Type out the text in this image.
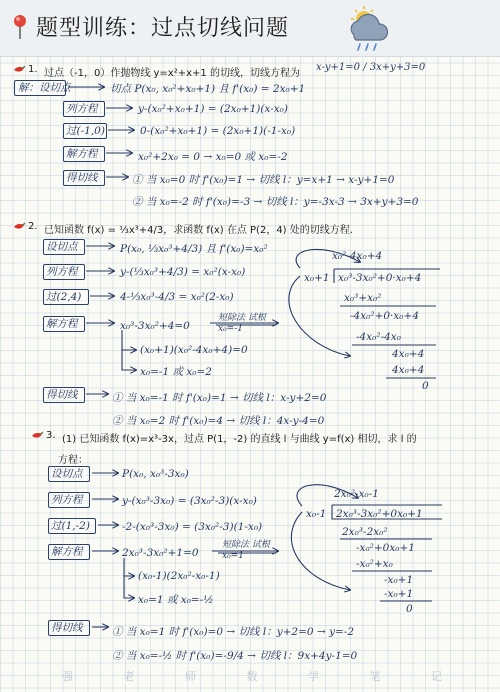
题型训练：过点切线问题
1. 过点（-1，0）作抛物线 y=x²+x+1 的切线，切线方程为
x-y+1=0 / 3x+y+3=0
解：设切点	切点 P(x₀, x₀²+x₀+1) 且 f'(x₀) = 2x₀+1
列方程	y-(x₀²+x₀+1) = (2x₀+1)(x-x₀)
过(-1,0)	0-(x₀²+x₀+1) = (2x₀+1)(-1-x₀)
解方程	x₀²+2x₀ = 0 → x₀=0 或 x₀=-2
得切线	① 当 x₀=0 时 f'(x₀)=1 → 切线 l：y=x+1 → x-y+1=0
② 当 x₀=-2 时 f'(x₀)=-3 → 切线 l：y=-3x-3 → 3x+y+3=0
2. 已知函数 f(x) = ⅓x³+4/3，求函数 f(x) 在点 P(2，4) 处的切线方程.
设切点	P(x₀, ⅓x₀³+4/3) 且 f'(x₀)=x₀²
列方程	y-(⅓x₀³+4/3) = x₀²(x-x₀)
过(2,4)	4-⅓x₀³-4/3 = x₀²(2-x₀)
解方程	x₀³-3x₀²+4=0
短除法 试根 x₀=-1
(x₀+1)(x₀²-4x₀+4)=0
x₀=-1 或 x₀=2
得切线	① 当 x₀=-1 时 f'(x₀)=1 → 切线 l：x-y+2=0
② 当 x₀=2 时 f'(x₀)=4 → 切线 l：4x-y-4=0
x₀²-4x₀+4
x₀+1 x₀³-3x₀²+0·x₀+4
x₀³+x₀²
-4x₀²+0·x₀+4
-4x₀²-4x₀
4x₀+4
4x₀+4
0
3. (1) 已知函数 f(x)=x³-3x，过点 P(1，-2) 的直线 l 与曲线 y=f(x) 相切，求 l 的
方程：
设切点	P(x₀, x₀³-3x₀)
列方程	y-(x₀³-3x₀) = (3x₀²-3)(x-x₀)
过(1,-2)	-2-(x₀³-3x₀) = (3x₀²-3)(1-x₀)
解方程	2x₀³-3x₀²+1=0
短除法 试根 x₀=1
(x₀-1)(2x₀²-x₀-1)
x₀=1 或 x₀=-½
得切线	① 当 x₀=1 时 f'(x₀)=0 → 切线 l：y+2=0 → y=-2
② 当 x₀=-½ 时 f'(x₀)=-9/4 → 切线 l：9x+4y-1=0
2x₀²-x₀-1
x₀-1 2x₀³-3x₀²+0x₀+1
2x₀³-2x₀²
-x₀²+0x₀+1
-x₀²+x₀
-x₀+1
-x₀+1
0
强	老	师	数	学	笔	记
